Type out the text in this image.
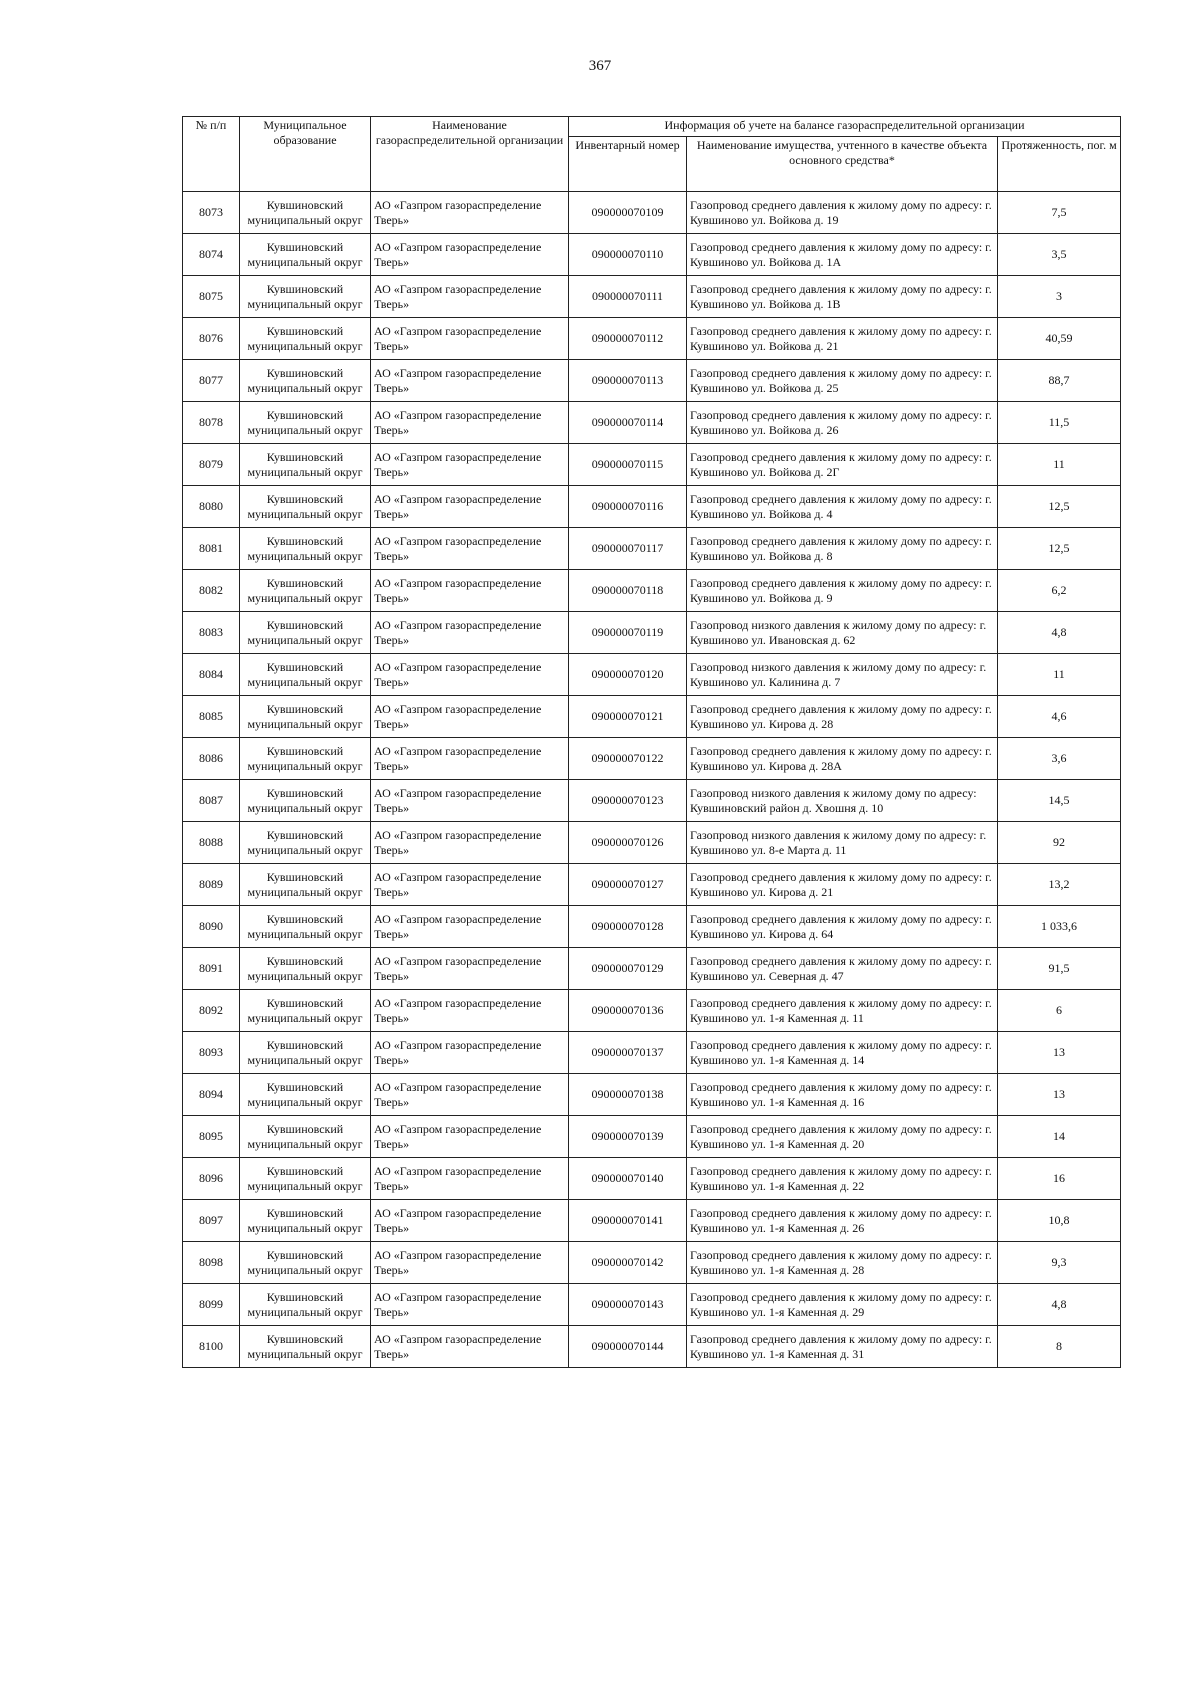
367
№ п/п	Муниципальное образование	Наименование газораспределительной организации	Информация об учете на балансе газораспределительной организации		
			Инвентарный номер	Наименование имущества, учтенного в качестве объекта основного средства*	Протяженность, пог. м
8073	Кувшиновский муниципальный округ	АО «Газпром газораспределение Тверь»	090000070109	Газопровод среднего давления к жилому дому по адресу: г. Кувшиново ул. Войкова д. 19	7,5
8074	Кувшиновский муниципальный округ	АО «Газпром газораспределение Тверь»	090000070110	Газопровод среднего давления к жилому дому по адресу: г. Кувшиново ул. Войкова д. 1А	3,5
8075	Кувшиновский муниципальный округ	АО «Газпром газораспределение Тверь»	090000070111	Газопровод среднего давления к жилому дому по адресу: г. Кувшиново ул. Войкова д. 1В	3
8076	Кувшиновский муниципальный округ	АО «Газпром газораспределение Тверь»	090000070112	Газопровод среднего давления к жилому дому по адресу: г. Кувшиново ул. Войкова д. 21	40,59
8077	Кувшиновский муниципальный округ	АО «Газпром газораспределение Тверь»	090000070113	Газопровод среднего давления к жилому дому по адресу: г. Кувшиново ул. Войкова д. 25	88,7
8078	Кувшиновский муниципальный округ	АО «Газпром газораспределение Тверь»	090000070114	Газопровод среднего давления к жилому дому по адресу: г. Кувшиново ул. Войкова д. 26	11,5
8079	Кувшиновский муниципальный округ	АО «Газпром газораспределение Тверь»	090000070115	Газопровод среднего давления к жилому дому по адресу: г. Кувшиново ул. Войкова д. 2Г	11
8080	Кувшиновский муниципальный округ	АО «Газпром газораспределение Тверь»	090000070116	Газопровод среднего давления к жилому дому по адресу: г. Кувшиново ул. Войкова д. 4	12,5
8081	Кувшиновский муниципальный округ	АО «Газпром газораспределение Тверь»	090000070117	Газопровод среднего давления к жилому дому по адресу: г. Кувшиново ул. Войкова д. 8	12,5
8082	Кувшиновский муниципальный округ	АО «Газпром газораспределение Тверь»	090000070118	Газопровод среднего давления к жилому дому по адресу: г. Кувшиново ул. Войкова д. 9	6,2
8083	Кувшиновский муниципальный округ	АО «Газпром газораспределение Тверь»	090000070119	Газопровод низкого давления к жилому дому по адресу: г. Кувшиново ул. Ивановская д. 62	4,8
8084	Кувшиновский муниципальный округ	АО «Газпром газораспределение Тверь»	090000070120	Газопровод низкого давления к жилому дому по адресу: г. Кувшиново ул. Калинина д. 7	11
8085	Кувшиновский муниципальный округ	АО «Газпром газораспределение Тверь»	090000070121	Газопровод среднего давления к жилому дому по адресу: г. Кувшиново ул. Кирова д. 28	4,6
8086	Кувшиновский муниципальный округ	АО «Газпром газораспределение Тверь»	090000070122	Газопровод среднего давления к жилому дому по адресу: г. Кувшиново ул. Кирова д. 28А	3,6
8087	Кувшиновский муниципальный округ	АО «Газпром газораспределение Тверь»	090000070123	Газопровод низкого давления к жилому дому по адресу: Кувшиновский район д. Хвошня д. 10	14,5
8088	Кувшиновский муниципальный округ	АО «Газпром газораспределение Тверь»	090000070126	Газопровод низкого давления к жилому дому по адресу: г. Кувшиново ул. 8-е Марта д. 11	92
8089	Кувшиновский муниципальный округ	АО «Газпром газораспределение Тверь»	090000070127	Газопровод среднего давления к жилому дому по адресу: г. Кувшиново ул. Кирова д. 21	13,2
8090	Кувшиновский муниципальный округ	АО «Газпром газораспределение Тверь»	090000070128	Газопровод среднего давления к жилому дому по адресу: г. Кувшиново ул. Кирова д. 64	1 033,6
8091	Кувшиновский муниципальный округ	АО «Газпром газораспределение Тверь»	090000070129	Газопровод среднего давления к жилому дому по адресу: г. Кувшиново ул. Северная д. 47	91,5
8092	Кувшиновский муниципальный округ	АО «Газпром газораспределение Тверь»	090000070136	Газопровод среднего давления к жилому дому по адресу: г. Кувшиново ул. 1-я Каменная д. 11	6
8093	Кувшиновский муниципальный округ	АО «Газпром газораспределение Тверь»	090000070137	Газопровод среднего давления к жилому дому по адресу: г. Кувшиново ул. 1-я Каменная д. 14	13
8094	Кувшиновский муниципальный округ	АО «Газпром газораспределение Тверь»	090000070138	Газопровод среднего давления к жилому дому по адресу: г. Кувшиново ул. 1-я Каменная д. 16	13
8095	Кувшиновский муниципальный округ	АО «Газпром газораспределение Тверь»	090000070139	Газопровод среднего давления к жилому дому по адресу: г. Кувшиново ул. 1-я Каменная д. 20	14
8096	Кувшиновский муниципальный округ	АО «Газпром газораспределение Тверь»	090000070140	Газопровод среднего давления к жилому дому по адресу: г. Кувшиново ул. 1-я Каменная д. 22	16
8097	Кувшиновский муниципальный округ	АО «Газпром газораспределение Тверь»	090000070141	Газопровод среднего давления к жилому дому по адресу: г. Кувшиново ул. 1-я Каменная д. 26	10,8
8098	Кувшиновский муниципальный округ	АО «Газпром газораспределение Тверь»	090000070142	Газопровод среднего давления к жилому дому по адресу: г. Кувшиново ул. 1-я Каменная д. 28	9,3
8099	Кувшиновский муниципальный округ	АО «Газпром газораспределение Тверь»	090000070143	Газопровод среднего давления к жилому дому по адресу: г. Кувшиново ул. 1-я Каменная д. 29	4,8
8100	Кувшиновский муниципальный округ	АО «Газпром газораспределение Тверь»	090000070144	Газопровод среднего давления к жилому дому по адресу: г. Кувшиново ул. 1-я Каменная д. 31	8
